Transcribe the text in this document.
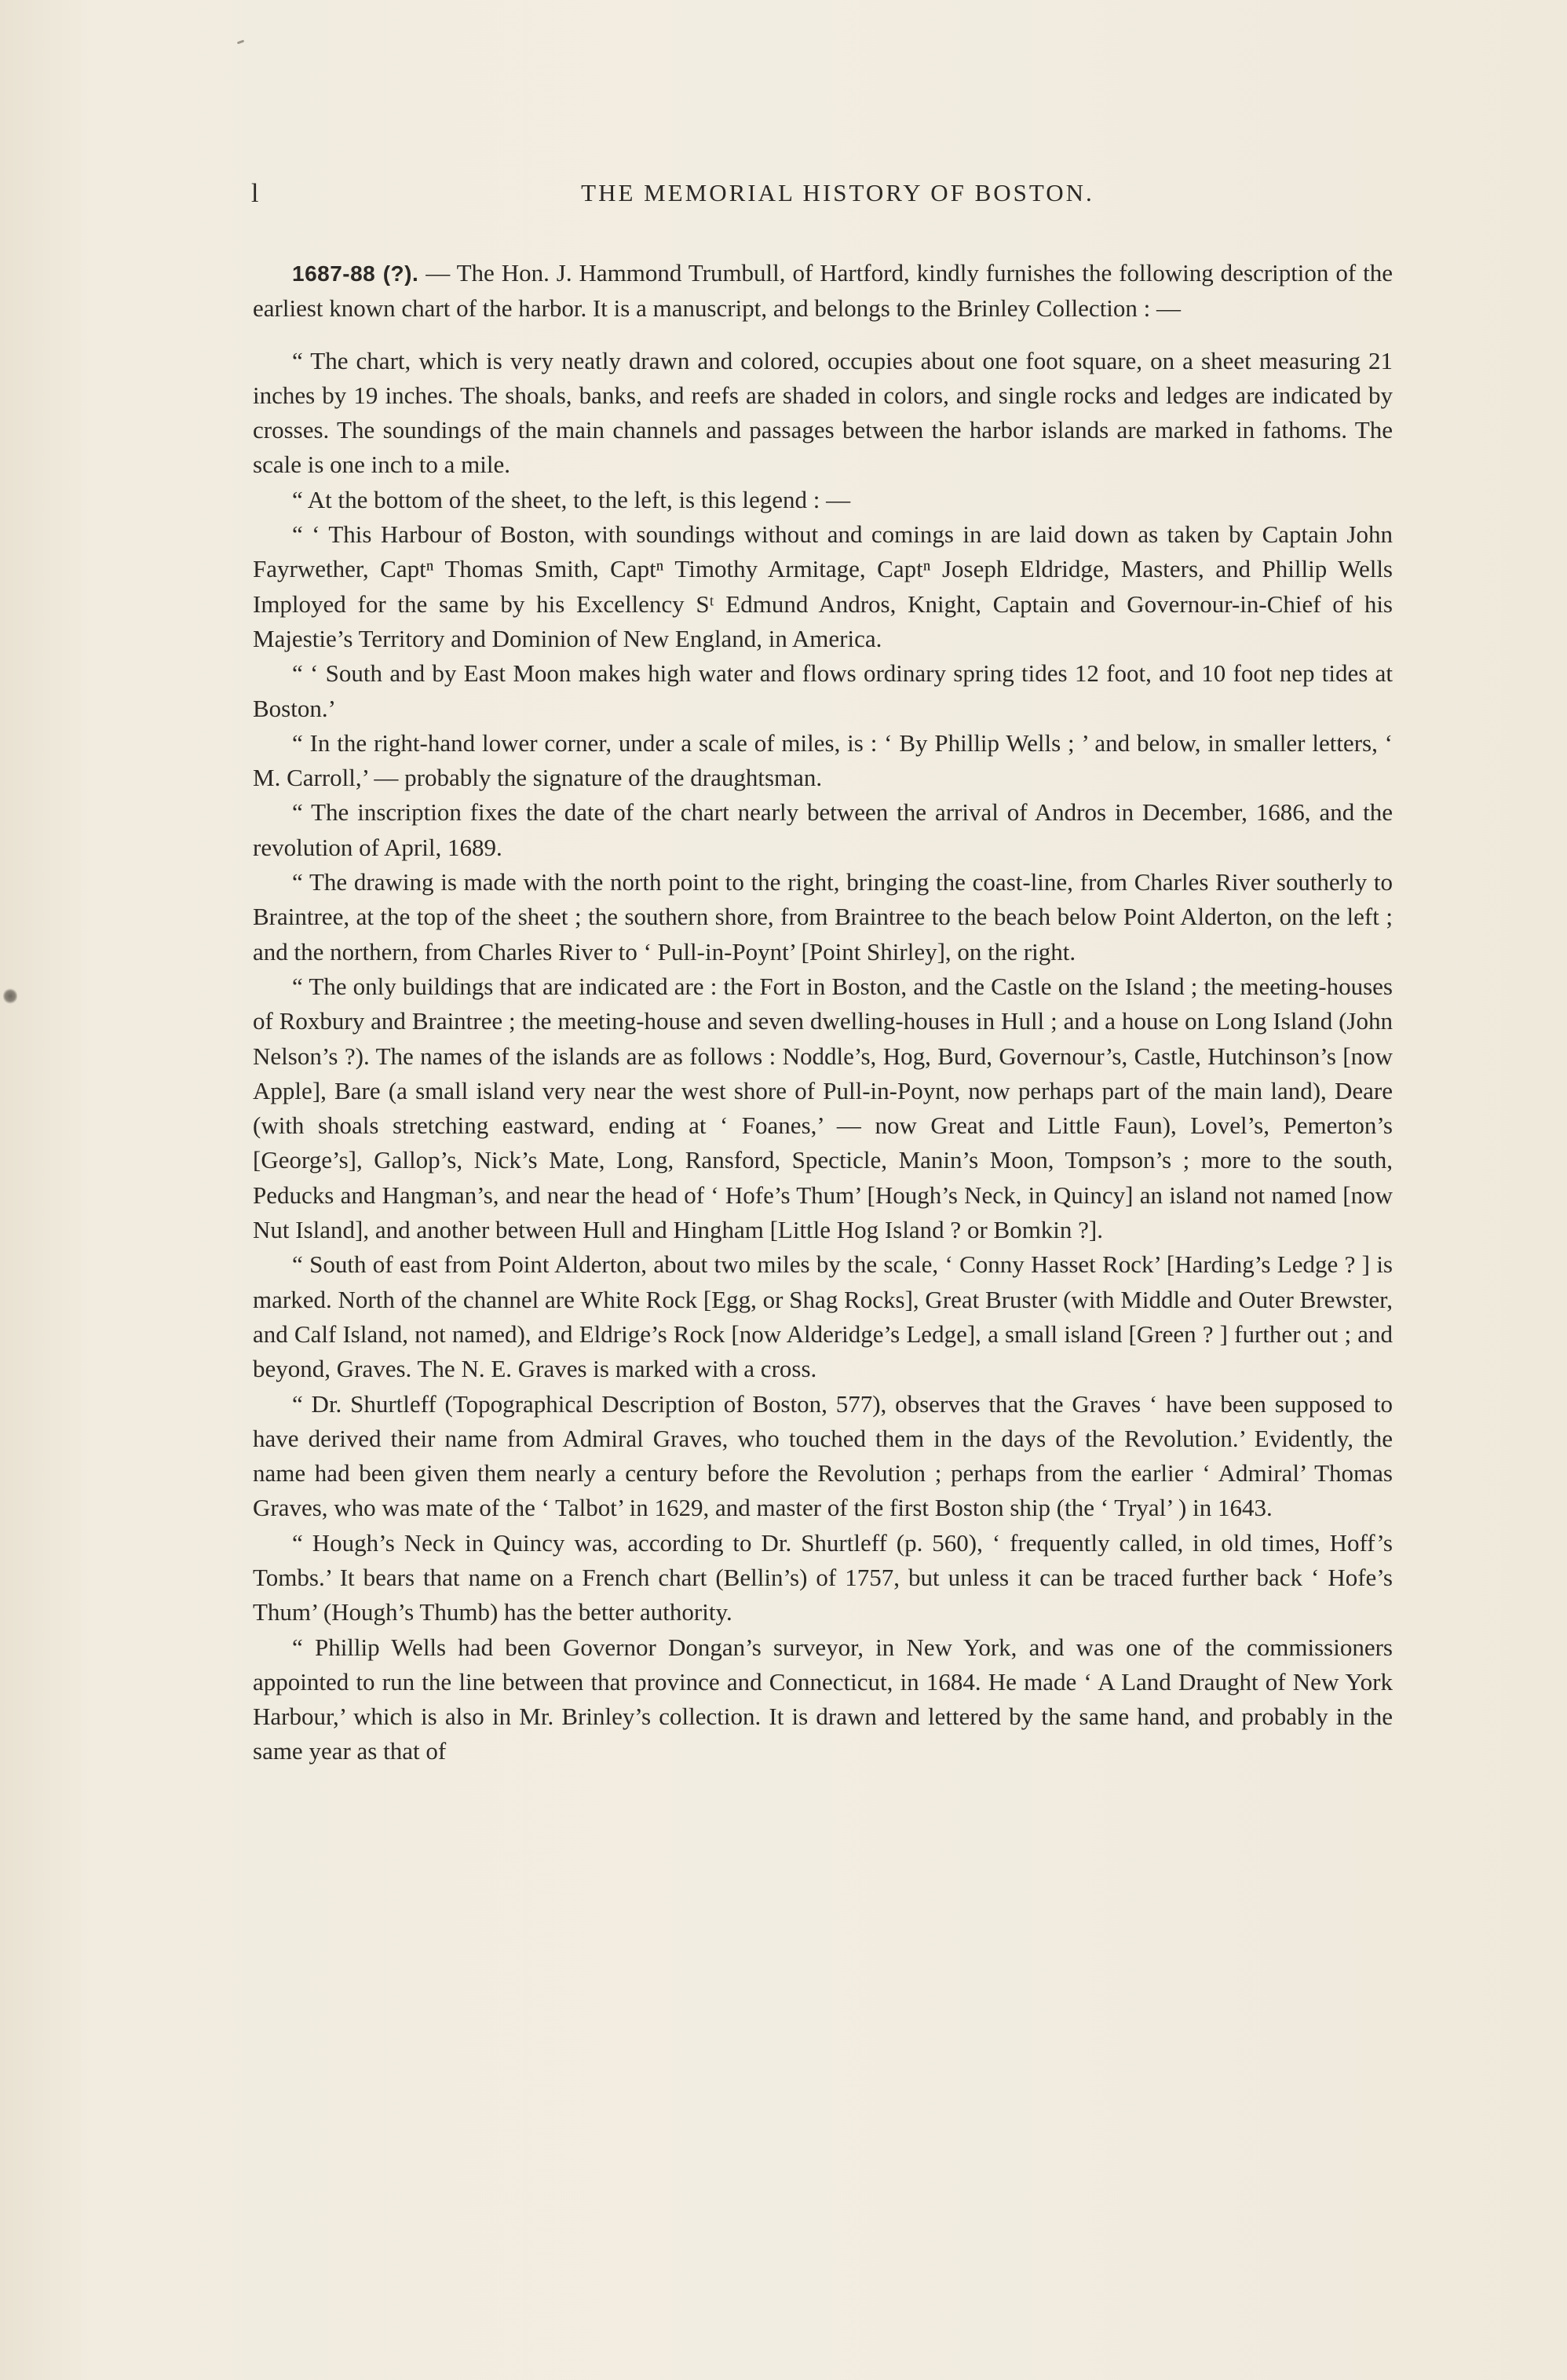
l	THE MEMORIAL HISTORY OF BOSTON.

1687-88 (?). — The Hon. J. Hammond Trumbull, of Hartford, kindly furnishes the following description of the earliest known chart of the harbor. It is a manuscript, and belongs to the Brinley Collection : —

“ The chart, which is very neatly drawn and colored, occupies about one foot square, on a sheet measuring 21 inches by 19 inches. The shoals, banks, and reefs are shaded in colors, and single rocks and ledges are indicated by crosses. The soundings of the main channels and passages between the harbor islands are marked in fathoms. The scale is one inch to a mile.

“ At the bottom of the sheet, to the left, is this legend : —

“ ‘ This Harbour of Boston, with soundings without and comings in are laid down as taken by Captain John Fayrwether, Captⁿ Thomas Smith, Captⁿ Timothy Armitage, Captⁿ Joseph Eldridge, Masters, and Phillip Wells Imployed for the same by his Excellency Sᵗ Edmund Andros, Knight, Captain and Governour-in-Chief of his Majestie’s Territory and Dominion of New England, in America.

“ ‘ South and by East Moon makes high water and flows ordinary spring tides 12 foot, and 10 foot nep tides at Boston.’

“ In the right-hand lower corner, under a scale of miles, is : ‘ By Phillip Wells ; ’ and below, in smaller letters, ‘ M. Carroll,’ — probably the signature of the draughtsman.

“ The inscription fixes the date of the chart nearly between the arrival of Andros in December, 1686, and the revolution of April, 1689.

“ The drawing is made with the north point to the right, bringing the coast-line, from Charles River southerly to Braintree, at the top of the sheet ; the southern shore, from Braintree to the beach below Point Alderton, on the left ; and the northern, from Charles River to ‘ Pull-in-Poynt’ [Point Shirley], on the right.

“ The only buildings that are indicated are : the Fort in Boston, and the Castle on the Island ; the meeting-houses of Roxbury and Braintree ; the meeting-house and seven dwelling-houses in Hull ; and a house on Long Island (John Nelson’s ?). The names of the islands are as follows : Noddle’s, Hog, Burd, Governour’s, Castle, Hutchinson’s [now Apple], Bare (a small island very near the west shore of Pull-in-Poynt, now perhaps part of the main land), Deare (with shoals stretching eastward, ending at ‘ Foanes,’ — now Great and Little Faun), Lovel’s, Pemerton’s [George’s], Gallop’s, Nick’s Mate, Long, Ransford, Specticle, Manin’s Moon, Tompson’s ; more to the south, Peducks and Hangman’s, and near the head of ‘ Hofe’s Thum’ [Hough’s Neck, in Quincy] an island not named [now Nut Island], and another between Hull and Hingham [Little Hog Island ? or Bomkin ?].

“ South of east from Point Alderton, about two miles by the scale, ‘ Conny Hasset Rock’ [Harding’s Ledge ? ] is marked. North of the channel are White Rock [Egg, or Shag Rocks], Great Bruster (with Middle and Outer Brewster, and Calf Island, not named), and Eldrige’s Rock [now Alderidge’s Ledge], a small island [Green ? ] further out ; and beyond, Graves. The N. E. Graves is marked with a cross.

“ Dr. Shurtleff (Topographical Description of Boston, 577), observes that the Graves ‘ have been supposed to have derived their name from Admiral Graves, who touched them in the days of the Revolution.’ Evidently, the name had been given them nearly a century before the Revolution ; perhaps from the earlier ‘ Admiral’ Thomas Graves, who was mate of the ‘ Talbot’ in 1629, and master of the first Boston ship (the ‘ Tryal’ ) in 1643.

“ Hough’s Neck in Quincy was, according to Dr. Shurtleff (p. 560), ‘ frequently called, in old times, Hoff’s Tombs.’ It bears that name on a French chart (Bellin’s) of 1757, but unless it can be traced further back ‘ Hofe’s Thum’ (Hough’s Thumb) has the better authority.

“ Phillip Wells had been Governor Dongan’s surveyor, in New York, and was one of the commissioners appointed to run the line between that province and Connecticut, in 1684. He made ‘ A Land Draught of New York Harbour,’ which is also in Mr. Brinley’s collection. It is drawn and lettered by the same hand, and probably in the same year as that of
